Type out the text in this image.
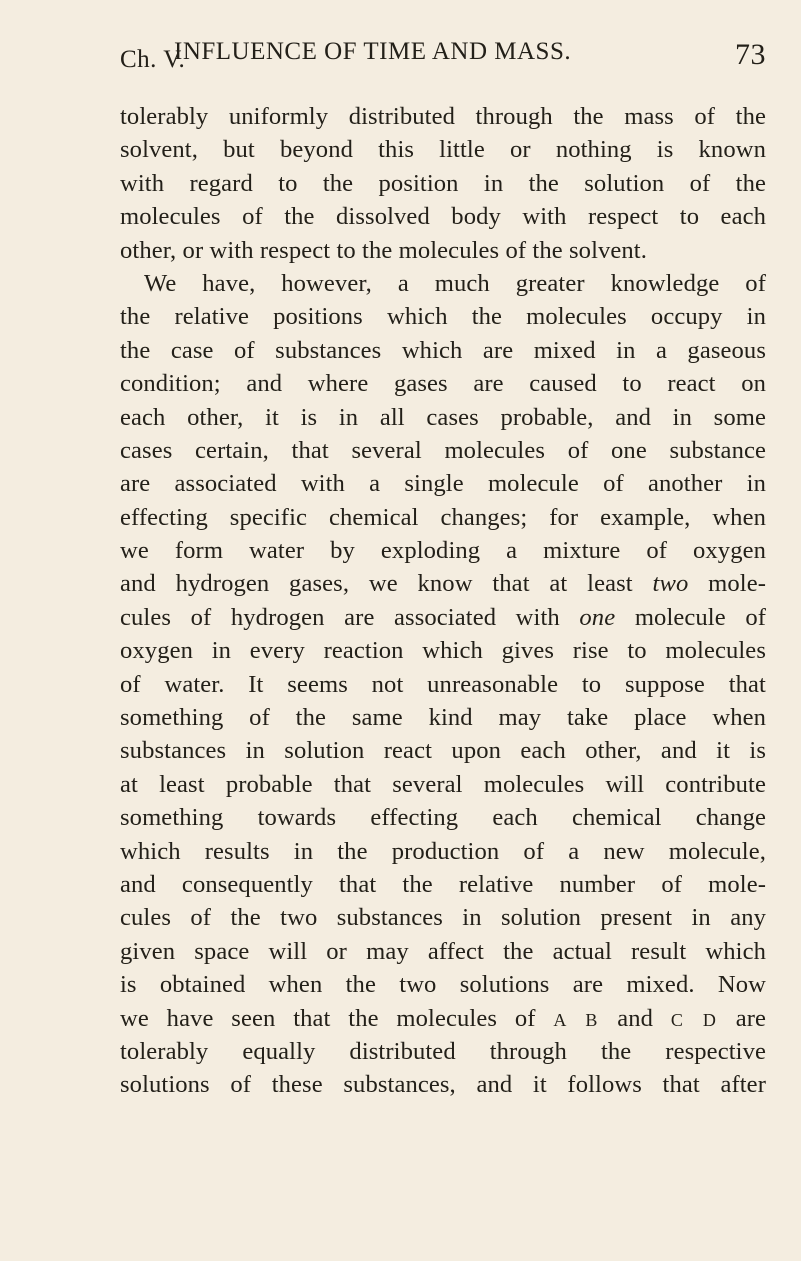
Ch. V.
INFLUENCE OF TIME AND MASS.	73
tolerably uniformly distributed through the mass of the
solvent, but beyond this little or nothing is known
with regard to the position in the solution of the
molecules of the dissolved body with respect to each
other, or with respect to the molecules of the solvent.
We have, however, a much greater knowledge of
the relative positions which the molecules occupy in
the case of substances which are mixed in a gaseous
condition; and where gases are caused to react on
each other, it is in all cases probable, and in some
cases certain, that several molecules of one substance
are associated with a single molecule of another in
effecting specific chemical changes; for example, when
we form water by exploding a mixture of oxygen
and hydrogen gases, we know that at least two mole-
cules of hydrogen are associated with one molecule of
oxygen in every reaction which gives rise to molecules
of water. It seems not unreasonable to suppose that
something of the same kind may take place when
substances in solution react upon each other, and it is
at least probable that several molecules will contribute
something towards effecting each chemical change
which results in the production of a new molecule,
and consequently that the relative number of mole-
cules of the two substances in solution present in any
given space will or may affect the actual result which
is obtained when the two solutions are mixed. Now
we have seen that the molecules of A B and C D are
tolerably equally distributed through the respective
solutions of these substances, and it follows that after
